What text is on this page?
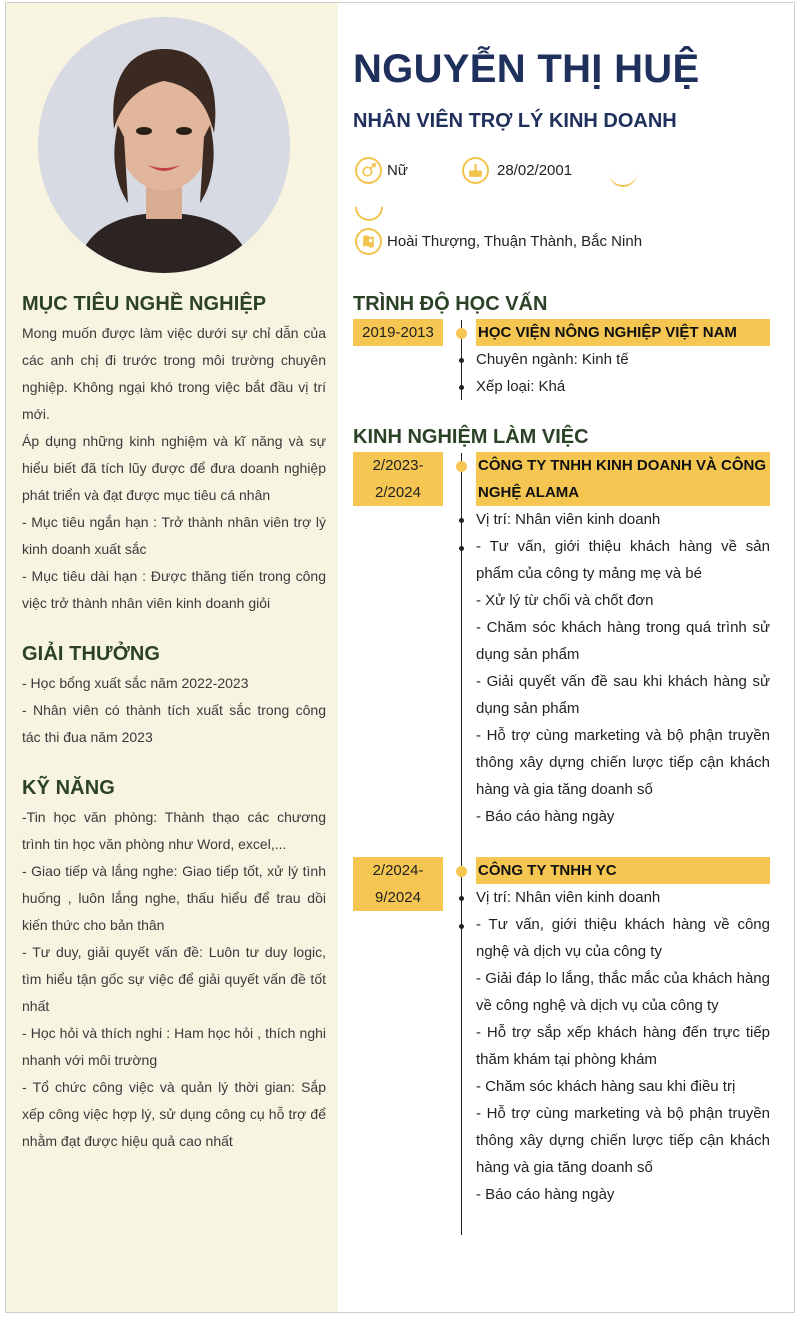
MỤC TIÊU NGHỀ NGHIỆP
Mong muốn được làm việc dưới sự chỉ dẫn của các anh chị đi trước trong môi trường chuyên nghiệp. Không ngại khó trong việc bắt đầu vị trí mới.
Áp dụng những kinh nghiệm và kĩ năng và sự hiểu biết đã tích lũy được để đưa doanh nghiệp phát triển và đạt được mục tiêu cá nhân
- Mục tiêu ngắn hạn : Trở thành nhân viên trợ lý kinh doanh xuất sắc
- Mục tiêu dài hạn : Được thăng tiến trong công việc trở thành nhân viên kinh doanh giỏi
GIẢI THƯỞNG
- Học bổng xuất sắc năm 2022-2023
- Nhân viên có thành tích xuất sắc trong công tác thi đua năm 2023
KỸ NĂNG
-Tin học văn phòng: Thành thạo các chương trình tin học văn phòng như Word, excel,...
- Giao tiếp và lắng nghe: Giao tiếp tốt, xử lý tình huống , luôn lắng nghe, thấu hiểu để trau dồi kiến thức cho bản thân
- Tư duy, giải quyết vấn đề: Luôn tư duy logic, tìm hiểu tận gốc sự việc để giải quyết vấn đề tốt nhất
- Học hỏi và thích nghi : Ham học hỏi , thích nghi nhanh với môi trường
- Tổ chức công việc và quản lý thời gian: Sắp xếp công việc hợp lý, sử dụng công cụ hỗ trợ để nhằm đạt được hiệu quả cao nhất
NGUYỄN THỊ HUỆ
NHÂN VIÊN TRỢ LÝ KINH DOANH
Nữ	28/02/2001
Hoài Thượng, Thuận Thành, Bắc Ninh
TRÌNH ĐỘ HỌC VẤN
2019-2013	HỌC VIỆN NÔNG NGHIỆP VIỆT NAM
Chuyên ngành: Kinh tế
Xếp loại: Khá
KINH NGHIỆM LÀM VIỆC
2/2023-
2/2024
CÔNG TY TNHH KINH DOANH VÀ CÔNG NGHỆ ALAMA
Vị trí: Nhân viên kinh doanh
- Tư vấn, giới thiệu khách hàng về sản phẩm của công ty mảng mẹ và bé
- Xử lý từ chối và chốt đơn
- Chăm sóc khách hàng trong quá trình sử dụng sản phẩm
- Giải quyết vấn đề sau khi khách hàng sử dụng sản phẩm
- Hỗ trợ cùng marketing và bộ phận truyền thông xây dựng chiến lược tiếp cận khách hàng và gia tăng doanh số
- Báo cáo hàng ngày
2/2024-
9/2024
CÔNG TY TNHH YC
Vị trí: Nhân viên kinh doanh
- Tư vấn, giới thiệu khách hàng về công nghệ và dịch vụ của công ty
- Giải đáp lo lắng, thắc mắc của khách hàng về công nghệ và dịch vụ của công ty
- Hỗ trợ sắp xếp khách hàng đến trực tiếp thăm khám tại phòng khám
- Chăm sóc khách hàng sau khi điều trị
- Hỗ trợ cùng marketing và bộ phận truyền thông xây dựng chiến lược tiếp cận khách hàng và gia tăng doanh số
- Báo cáo hàng ngày
